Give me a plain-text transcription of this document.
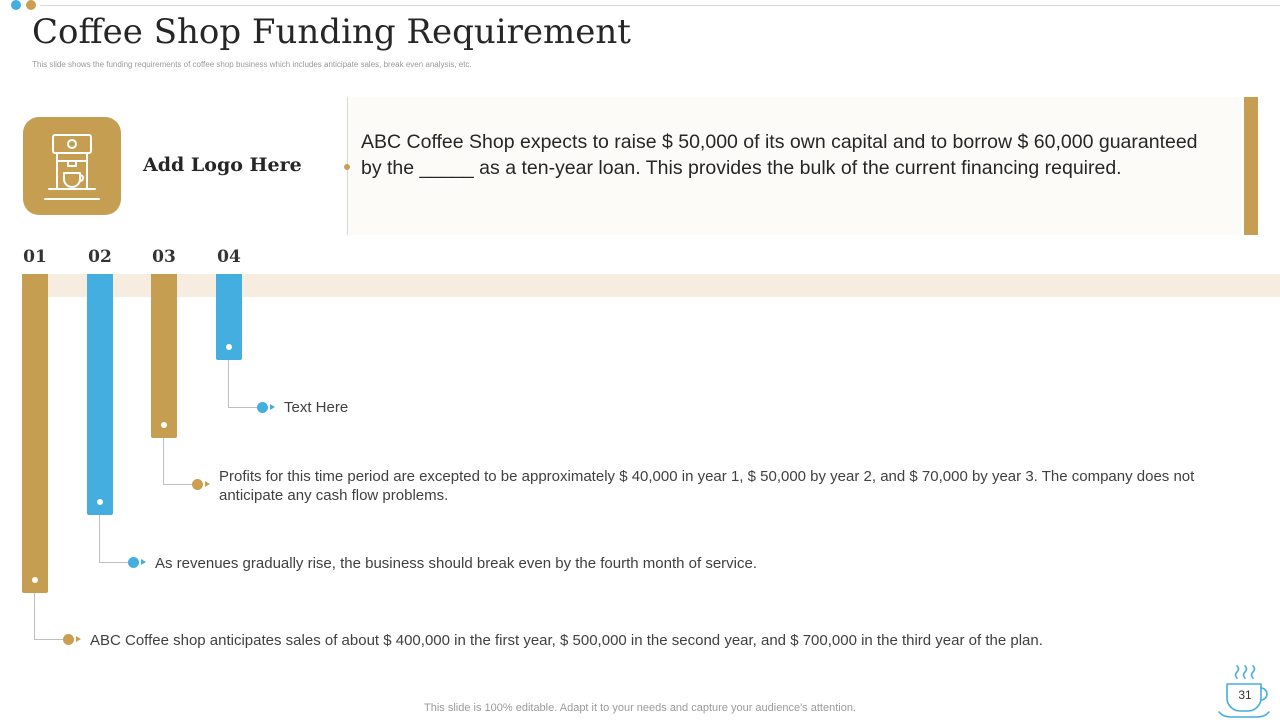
Coffee Shop Funding Requirement
This slide shows the funding requirements of coffee shop business which includes anticipate sales, break even analysis, etc.
Add Logo Here
ABC Coffee Shop expects to raise $ 50,000 of its own capital and to borrow $ 60,000 guaranteed by the _____ as a ten-year loan. This provides the bulk of the current financing required.
01	02	03	04
Text Here
Profits for this time period are excepted to be approximately $ 40,000 in year 1, $ 50,000 by year 2, and $ 70,000 by year 3. The company does not anticipate any cash flow problems.
As revenues gradually rise, the business should break even by the fourth month of service.
ABC Coffee shop anticipates sales of about $ 400,000 in the first year, $ 500,000 in the second year, and $ 700,000 in the third year of the plan.
This slide is 100% editable. Adapt it to your needs and capture your audience's attention.
31
